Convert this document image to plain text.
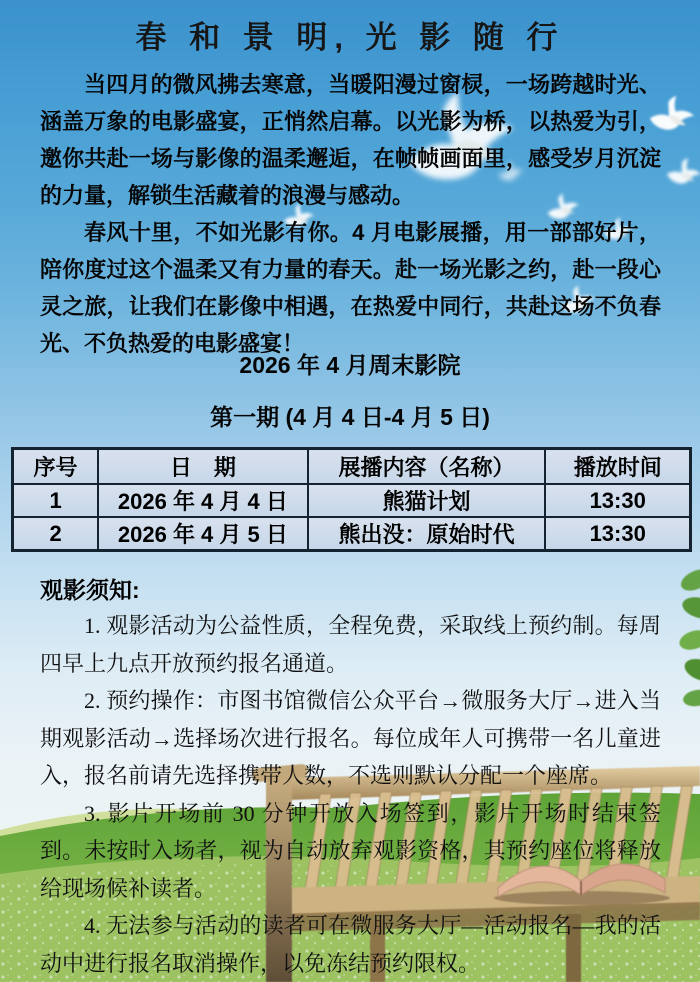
春 和 景 明, 光 影 随 行
当四月的微风拂去寒意，当暖阳漫过窗棂，一场跨越时光、涵盖万象的电影盛宴，正悄然启幕。以光影为桥，以热爱为引，邀你共赴一场与影像的温柔邂逅，在帧帧画面里，感受岁月沉淀的力量，解锁生活藏着的浪漫与感动。
春风十里，不如光影有你。4 月电影展播，用一部部好片，陪你度过这个温柔又有力量的春天。赴一场光影之约，赴一段心灵之旅，让我们在影像中相遇，在热爱中同行，共赴这场不负春光、不负热爱的电影盛宴！
2026 年 4 月周末影院
第一期 (4 月 4 日-4 月 5 日)
序号	日　期	展播内容（名称）	播放时间
1	2026 年 4 月 4 日	熊猫计划	13:30
2	2026 年 4 月 5 日	熊出没：原始时代	13:30
观影须知:

1. 观影活动为公益性质，全程免费，采取线上预约制。每周四早上九点开放预约报名通道。

2. 预约操作：市图书馆微信公众平台→微服务大厅→进入当期观影活动→选择场次进行报名。每位成年人可携带一名儿童进入，报名前请先选择携带人数，不选则默认分配一个座席。

3. 影片开场前 30 分钟开放入场签到，影片开场时结束签到。未按时入场者，视为自动放弃观影资格，其预约座位将释放给现场候补读者。

4. 无法参与活动的读者可在微服务大厅—活动报名—我的活动中进行报名取消操作，以免冻结预约限权。
